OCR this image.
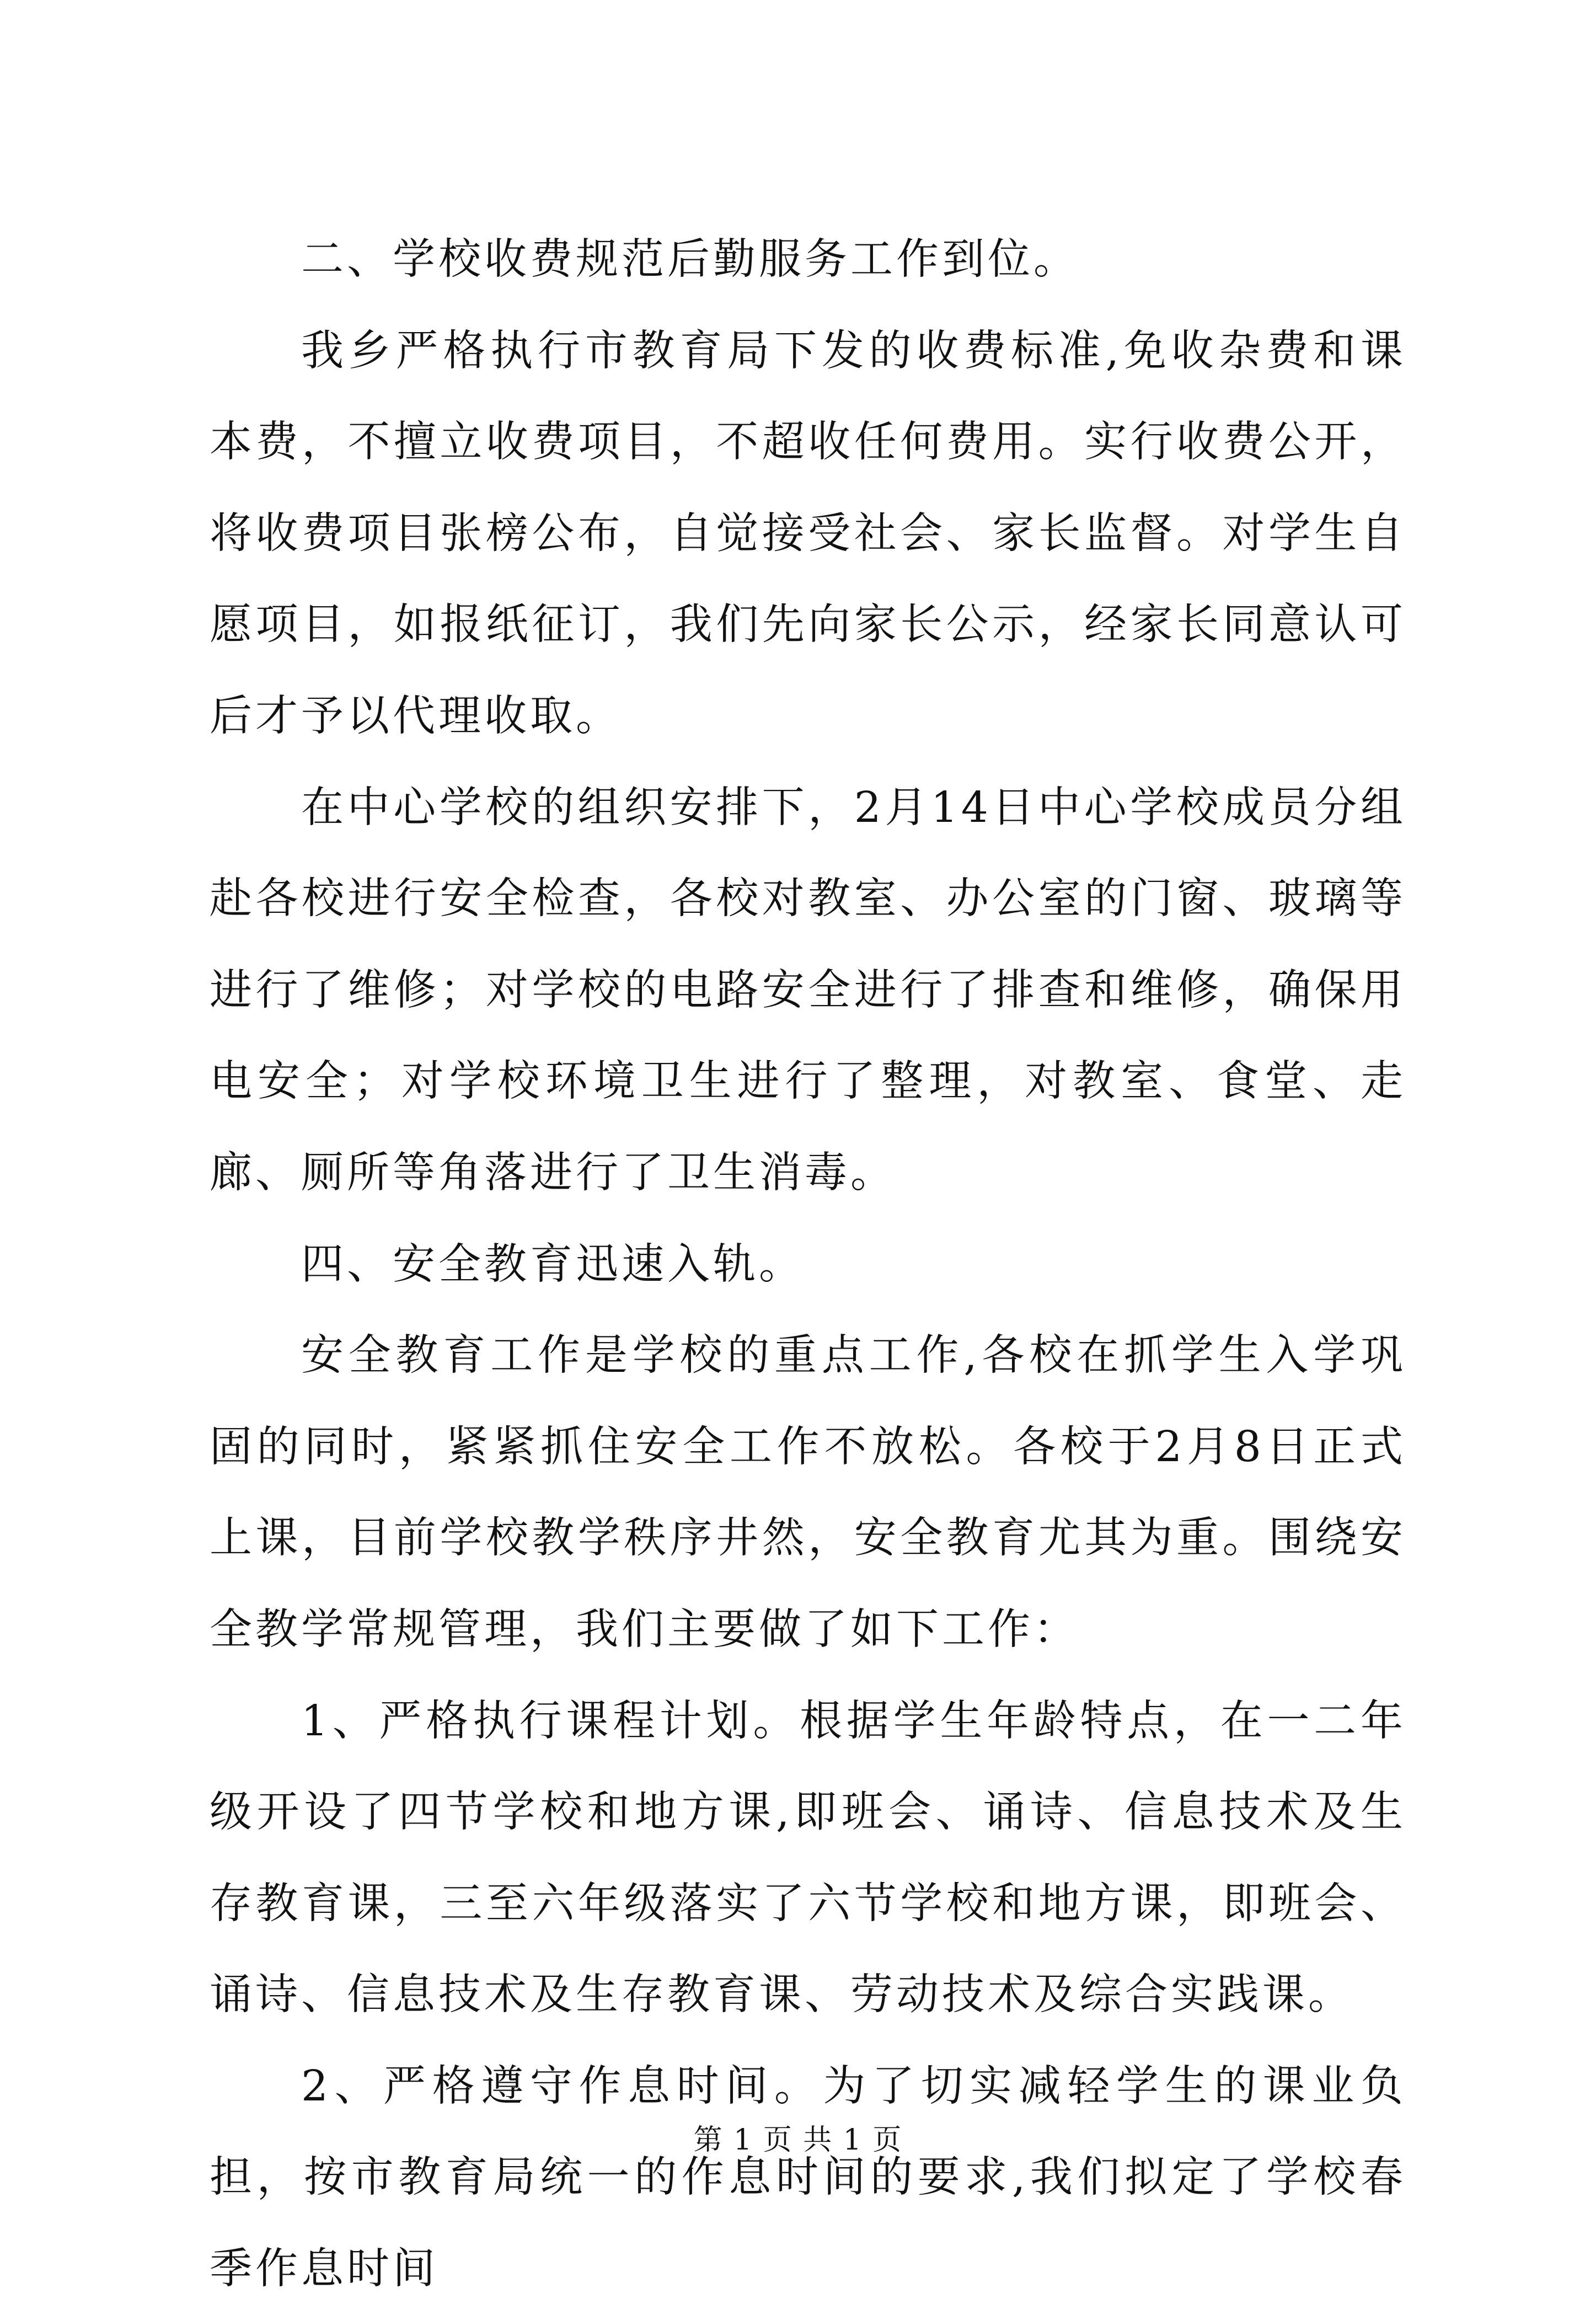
二、学校收费规范后勤服务工作到位。

我乡严格执行市教育局下发的收费标准,免收杂费和课本费，不擅立收费项目，不超收任何费用。实行收费公开，将收费项目张榜公布，自觉接受社会、家长监督。对学生自愿项目，如报纸征订，我们先向家长公示，经家长同意认可后才予以代理收取。

在中心学校的组织安排下，2月14日中心学校成员分组赴各校进行安全检查，各校对教室、办公室的门窗、玻璃等进行了维修；对学校的电路安全进行了排查和维修，确保用电安全；对学校环境卫生进行了整理，对教室、食堂、走廊、厕所等角落进行了卫生消毒。

四、安全教育迅速入轨。

安全教育工作是学校的重点工作,各校在抓学生入学巩固的同时，紧紧抓住安全工作不放松。各校于2月8日正式上课，目前学校教学秩序井然，安全教育尤其为重。围绕安全教学常规管理，我们主要做了如下工作：

1、严格执行课程计划。根据学生年龄特点，在一二年级开设了四节学校和地方课,即班会、诵诗、信息技术及生存教育课，三至六年级落实了六节学校和地方课，即班会、诵诗、信息技术及生存教育课、劳动技术及综合实践课。

2、严格遵守作息时间。为了切实减轻学生的课业负担，按市教育局统一的作息时间的要求,我们拟定了学校春季作息时间

第 1 页 共 1 页
